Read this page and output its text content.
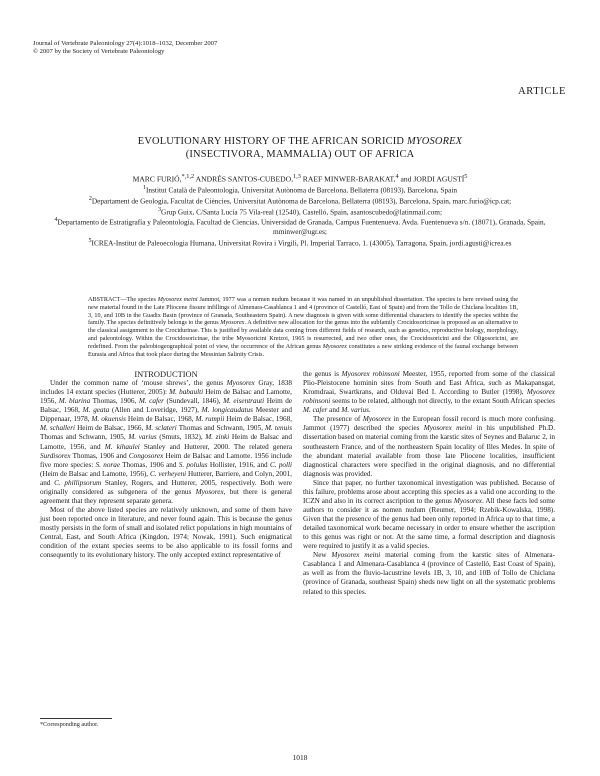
Journal of Vertebrate Paleontology 27(4):1018–1032, December 2007
© 2007 by the Society of Vertebrate Paleontology
ARTICLE
EVOLUTIONARY HISTORY OF THE AFRICAN SORICID MYOSOREX
(INSECTIVORA, MAMMALIA) OUT OF AFRICA
MARC FURIÓ,$^{*,1,2}$ ANDRÉS SANTOS-CUBEDO,$^{1,3}$ RAEF MINWER-BARAKAT,$^4$ and JORDI AGUSTÍ$^5$
$^1$Institut Català de Paleontologia, Universitat Autònoma de Barcelona, Bellaterra (08193), Barcelona, Spain
$^2$Departament de Geologia, Facultat de Ciències, Universitat Autònoma de Barcelona, Bellaterra (08193), Barcelona, Spain, marc.furio@icp.cat;
$^3$Grup Guix, C/Santa Lucía 75 Vila-real (12540), Castelló, Spain, asantoscubedo@latinmail.com;
$^4$Departamento de Estratigrafía y Paleontología, Facultad de Ciencias, Universidad de Granada, Campus Fuentenueva. Avda. Fuentenueva s/n. (18071), Granada, Spain, mminwer@ugr.es;
$^5$ICREA-Institut de Paleoecologia Humana, Universitat Rovira i Virgili, Pl. Imperial Tarraco, 1. (43005), Tarragona, Spain, jordi.agusti@icrea.es
ABSTRACT—The species Myosorex meini Jammot, 1977 was a nomen nudum because it was named in an unpublished dissertation. The species is here revised using the new material found in the Late Pliocene fissure infillings of Almenara-Casablanca 1 and 4 (province of Castelló, East of Spain) and from the Tollo de Chiclana localities 1B, 3, 10, and 10B in the Guadix Basin (province of Granada, Southeastern Spain). A new diagnosis is given with some differential characters to identify the species within the family. The species definitively belongs to the genus Myosorex. A definitive new allocation for the genus into the subfamily Crocidosoricinae is proposed as an alternative to the classical assignment to the Crocidurinae. This is justified by available data coming from different fields of research, such as genetics, reproductive biology, morphology, and paleontology. Within the Crocidosoricinae, the tribe Myosoricini Kretzoi, 1965 is resurrected, and two other ones, the Crocidosoricini and the Oligosoricini, are redefined. From the paleobiogeographical point of view, the occurrence of the African genus Myosorex constitutes a new striking evidence of the faunal exchange between Eurasia and Africa that took place during the Messinian Salinity Crisis.

INTRODUCTION

Under the common name of ‘mouse shrews’, the genus Myosorex Gray, 1838 includes 14 extant species (Hutterer, 2005): M. babaulti Heim de Balsac and Lamotte, 1956, M. blarina Thomas, 1906, M. cafer (Sundevall, 1846), M. eisentrauti Heim de Balsac, 1968, M. geata (Allen and Loveridge, 1927), M. longicaudatus Meester and Dippenaar, 1978, M. okuensis Heim de Balsac, 1968, M. rumpii Heim de Balsac, 1968, M. schalleri Heim de Balsac, 1966, M. sclateri Thomas and Schwann, 1905, M. tenuis Thomas and Schwann, 1905, M. varius (Smuts, 1832), M. zinki Heim de Balsac and Lamotte, 1956, and M. kihaulei Stanley and Hutterer, 2000. The related genera Surdisorex Thomas, 1906 and Congosorex Heim de Balsac and Lamotte. 1956 include five more species: S. norae Thomas, 1906 and S. polulus Hollister, 1916, and C. polli (Heim de Balsac and Lamotte, 1956), C. verheyeni Hutterer, Barriere, and Colyn, 2001, and C. phillipsorum Stanley, Rogers, and Hutterer, 2005, respectively. Both were originally considered as subgenera of the genus Myosorex, but there is general agreement that they represent separate genera.

Most of the above listed species are relatively unknown, and some of them have just been reported once in literature, and never found again. This is because the genus mostly persists in the form of small and isolated relict populations in high mountains of Central, East, and South Africa (Kingdon, 1974; Nowak, 1991). Such enigmatical condition of the extant species seems to be also applicable to its fossil forms and consequently to its evolutionary history. The only accepted extinct representative of

the genus is Myosorex robinsoni Meester, 1955, reported from some of the classical Plio-Pleistocene hominin sites from South and East Africa, such as Makapansgat, Kromdraai, Swartkrans, and Olduvai Bed I. According to Butler (1998), Myosorex robinsoni seems to be related, although not directly, to the extant South African species M. cafer and M. varius.

The presence of Myosorex in the European fossil record is much more confusing. Jammot (1977) described the species Myosorex meini in his unpublished Ph.D. dissertation based on material coming from the karstic sites of Seynes and Balaruc 2, in southeastern France, and of the northeastern Spain locality of Illes Medes. In spite of the abundant material available from those late Pliocene localities, insufficient diagnostical characters were specified in the original diagnosis, and no differential diagnosis was provided.

Since that paper, no further taxonomical investigation was published. Because of this failure, problems arose about accepting this species as a valid one according to the ICZN and also in its correct ascription to the genus Myosorex. All these facts led some authors to consider it as nomen nudum (Reumer, 1994; Rzebik-Kowalska, 1998). Given that the presence of the genus had been only reported in Africa up to that time, a detailed taxonomical work became necessary in order to ensure whether the ascription to this genus was right or not. At the same time, a formal description and diagnosis were required to justify it as a valid species.

New Myosorex meini material coming from the karstic sites of Almenara-Casablanca 1 and Almenara-Casablanca 4 (province of Castelló, East Coast of Spain), as well as from the fluvio-lacustrine levels 1B, 3, 10, and 10B of Tollo de Chiclana (province of Granada, southeast Spain) sheds new light on all the systematic problems related to this species.

*Corresponding author.
1018
